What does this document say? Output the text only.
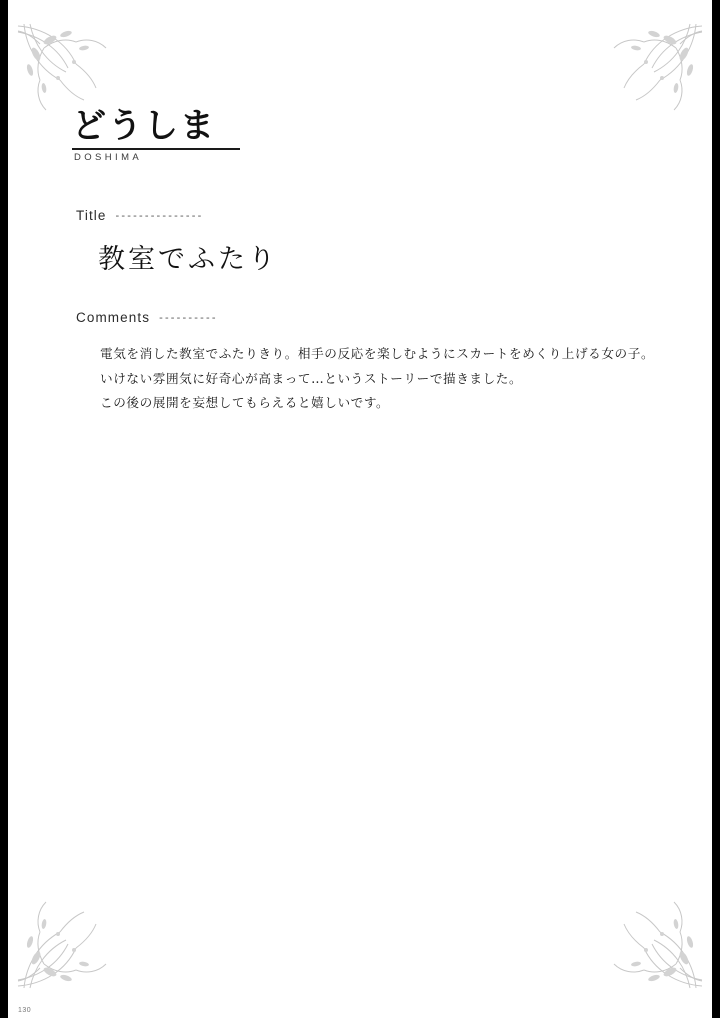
どうしま
DOSHIMA
Title ---------------
教室でふたり
Comments ----------
電気を消した教室でふたりきり。相手の反応を楽しむようにスカートをめくり上げる女の子。
いけない雰囲気に好奇心が高まって…というストーリーで描きました。
この後の展開を妄想してもらえると嬉しいです。
130
